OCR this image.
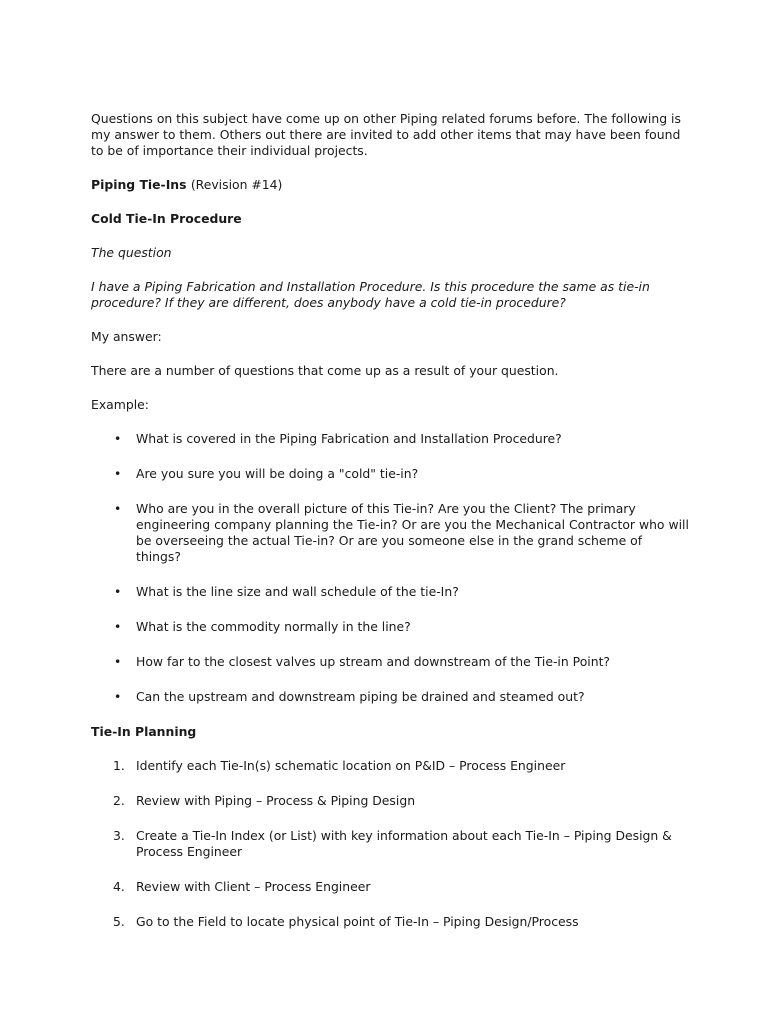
Questions on this subject have come up on other Piping related forums before. The following is my answer to them. Others out there are invited to add other items that may have been found to be of importance their individual projects.

Piping Tie-Ins (Revision #14)

Cold Tie-In Procedure

The question

I have a Piping Fabrication and Installation Procedure. Is this procedure the same as tie-in procedure? If they are different, does anybody have a cold tie-in procedure?

My answer:

There are a number of questions that come up as a result of your question.

Example:

• What is covered in the Piping Fabrication and Installation Procedure?
• Are you sure you will be doing a "cold" tie-in?
• Who are you in the overall picture of this Tie-in? Are you the Client? The primary engineering company planning the Tie-in? Or are you the Mechanical Contractor who will be overseeing the actual Tie-in? Or are you someone else in the grand scheme of things?
• What is the line size and wall schedule of the tie-In?
• What is the commodity normally in the line?
• How far to the closest valves up stream and downstream of the Tie-in Point?
• Can the upstream and downstream piping be drained and steamed out?

Tie-In Planning

1. Identify each Tie-In(s) schematic location on P&ID – Process Engineer
2. Review with Piping – Process & Piping Design
3. Create a Tie-In Index (or List) with key information about each Tie-In – Piping Design & Process Engineer
4. Review with Client – Process Engineer
5. Go to the Field to locate physical point of Tie-In – Piping Design/Process
